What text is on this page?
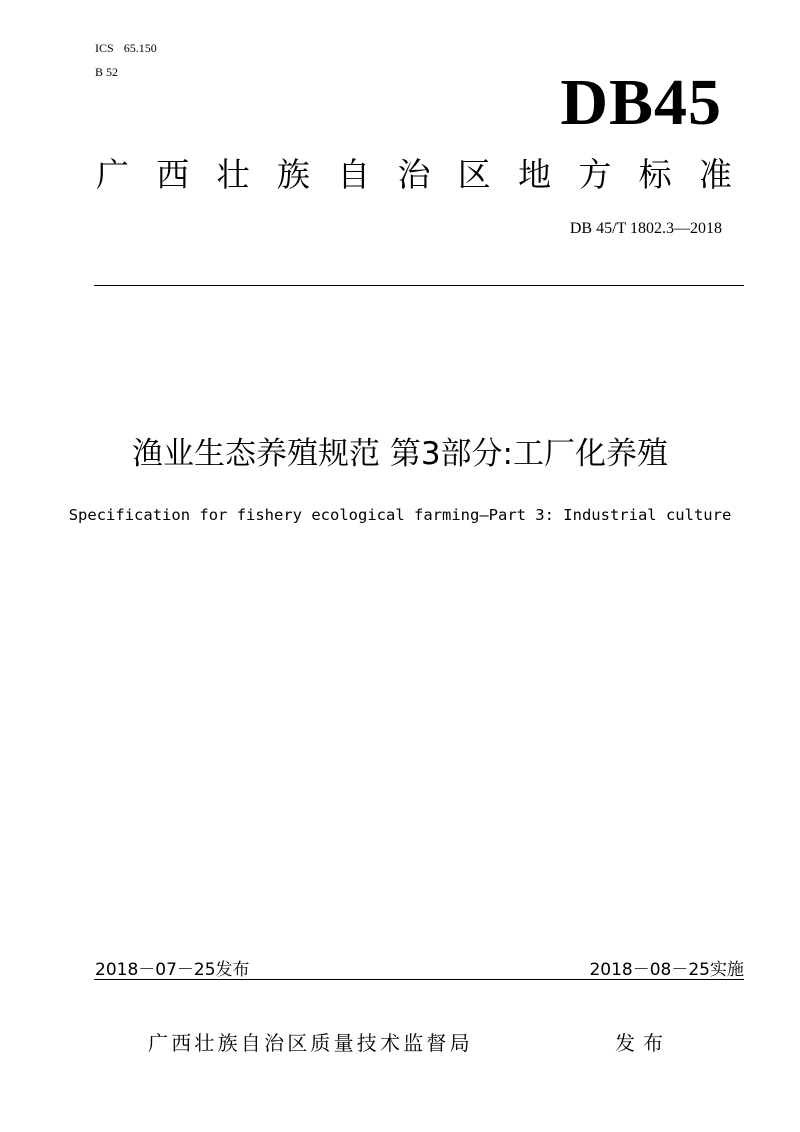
ICS 65.150
B 52	DB45
广 西 壮 族 自 治 区 地 方 标 准
DB 45/T 1802.3—2018
渔业生态养殖规范 第3部分:工厂化养殖
Specification for fishery ecological farming—Part 3: Industrial culture
2018－07－25发布	2018－08－25实施
广西壮族自治区质量技术监督局	发布
